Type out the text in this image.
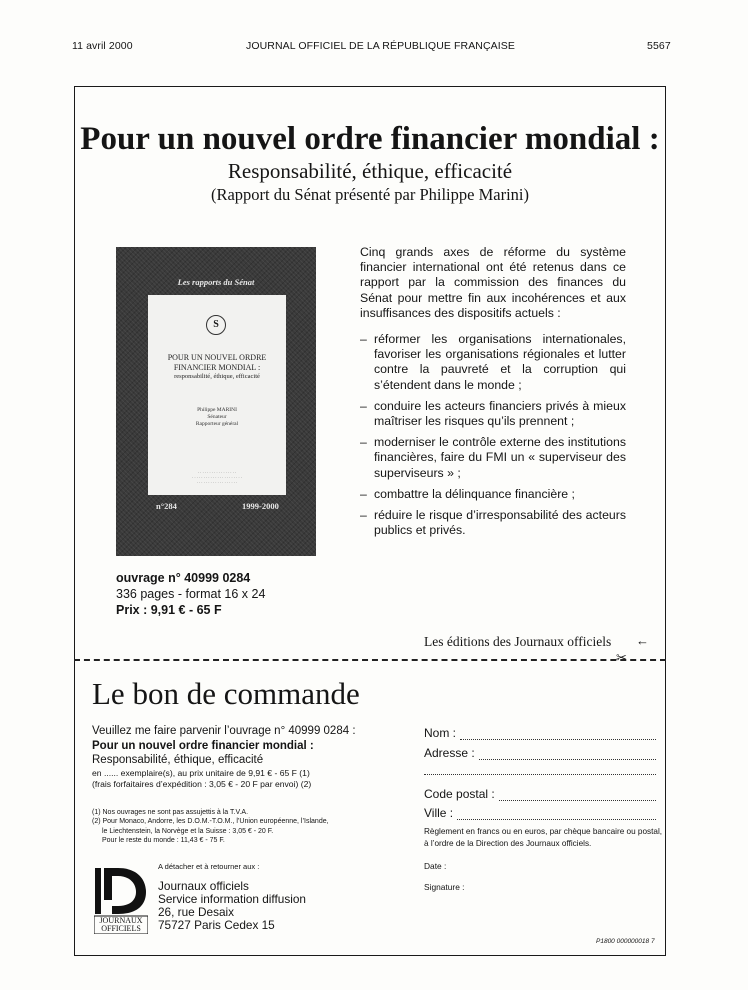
11 avril 2000	JOURNAL OFFICIEL DE LA RÉPUBLIQUE FRANÇAISE	5567
Pour un nouvel ordre financier mondial :
Responsabilité, éthique, efficacité
(Rapport du Sénat présenté par Philippe Marini)
Les rapports du Sénat
S
POUR UN NOUVEL ORDRE
FINANCIER MONDIAL :
responsabilité, éthique, efficacité
Philippe MARINI
Sénateur
Rapporteur général
· · · · · · · · · · · · · · · · ·
· · · · · · · · · · · · · · · · · · · · · ·
· · · · · · · · · · · · · · · · · ·
n°284	1999-2000
Cinq grands axes de réforme du système financier international ont été retenus dans ce rapport par la commission des finances du Sénat pour mettre fin aux incohérences et aux insuffisances des dispositifs actuels :
– réformer les organisations internationales, favoriser les organisations régionales et lutter contre la pauvreté et la corruption qui s’étendent dans le monde ;
– conduire les acteurs financiers privés à mieux maîtriser les risques qu’ils prennent ;
– moderniser le contrôle externe des institutions financières, faire du FMI un « superviseur des superviseurs » ;
– combattre la délinquance financière ;
– réduire le risque d’irresponsabilité des acteurs publics et privés.
ouvrage n° 40999 0284
336 pages - format 16 x 24
Prix : 9,91 € - 65 F
Les éditions des Journaux officiels ←
✂
Le bon de commande
Veuillez me faire parvenir l’ouvrage n° 40999 0284 :
Pour un nouvel ordre financier mondial :
Responsabilité, éthique, efficacité
en ...... exemplaire(s), au prix unitaire de 9,91 € - 65 F (1)
(frais forfaitaires d’expédition : 3,05 € - 20 F par envoi) (2)
(1) Nos ouvrages ne sont pas assujettis à la T.V.A.
(2) Pour Monaco, Andorre, les D.O.M.-T.O.M., l’Union européenne, l’Islande,
le Liechtenstein, la Norvège et la Suisse : 3,05 € - 20 F.
Pour le reste du monde : 11,43 € - 75 F.
JOURNAUX
OFFICIELS
A détacher et à retourner aux :
Journaux officiels
Service information diffusion
26, rue Desaix
75727 Paris Cedex 15
Nom :
Adresse :
Code postal :
Ville :
Règlement en francs ou en euros, par chèque bancaire ou postal, à l’ordre de la Direction des Journaux officiels.
Date :
Signature :
P1800 000000018 7
